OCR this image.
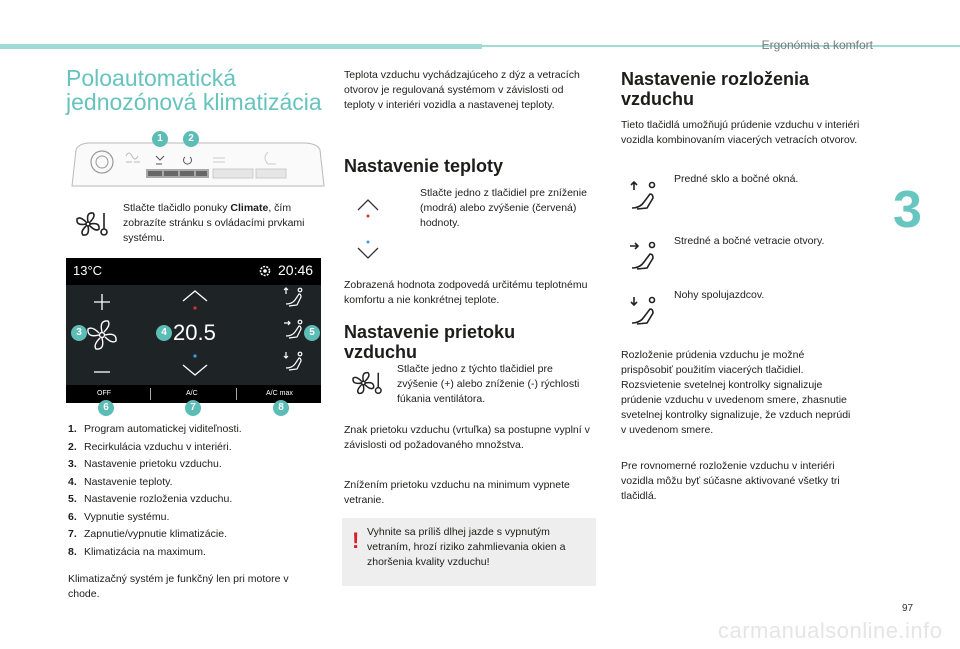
Ergonómia a komfort
3
97
carmanualsonline.info
Poloautomatická jednozónová klimatizácia
1	2
Stlačte tlačidlo ponuky Climate, čím zobrazíte stránku s ovládacími prvkami systému.
13°C	20:46
20.5
OFF	A/C	A/C max
3	4	5
6	7	8
1. Program automatickej viditeľnosti.
2. Recirkulácia vzduchu v interiéri.
3. Nastavenie prietoku vzduchu.
4. Nastavenie teploty.
5. Nastavenie rozloženia vzduchu.
6. Vypnutie systému.
7. Zapnutie/vypnutie klimatizácie.
8. Klimatizácia na maximum.
Klimatizačný systém je funkčný len pri motore v chode.
Teplota vzduchu vychádzajúceho z dýz a vetracích otvorov je regulovaná systémom v závislosti od teploty v interiéri vozidla a nastavenej teploty.
Nastavenie teploty
Stlačte jedno z tlačidiel pre zníženie (modrá) alebo zvýšenie (červená) hodnoty.
Zobrazená hodnota zodpovedá určitému teplotnému komfortu a nie konkrétnej teplote.
Nastavenie prietoku vzduchu
Stlačte jedno z týchto tlačidiel pre zvýšenie (+) alebo zníženie (-) rýchlosti fúkania ventilátora.
Znak prietoku vzduchu (vrtuľka) sa postupne vyplní v závislosti od požadovaného množstva.
Znížením prietoku vzduchu na minimum vypnete vetranie.
! Vyhnite sa príliš dlhej jazde s vypnutým vetraním, hrozí riziko zahmlievania okien a zhoršenia kvality vzduchu!
Nastavenie rozloženia vzduchu
Tieto tlačidlá umožňujú prúdenie vzduchu v interiéri vozidla kombinovaním viacerých vetracích otvorov.
Predné sklo a bočné okná.
Stredné a bočné vetracie otvory.
Nohy spolujazdcov.
Rozloženie prúdenia vzduchu je možné prispôsobiť použitím viacerých tlačidiel. Rozsvietenie svetelnej kontrolky signalizuje prúdenie vzduchu v uvedenom smere, zhasnutie svetelnej kontrolky signalizuje, že vzduch neprúdi v uvedenom smere.
Pre rovnomerné rozloženie vzduchu v interiéri vozidla môžu byť súčasne aktivované všetky tri tlačidlá.
